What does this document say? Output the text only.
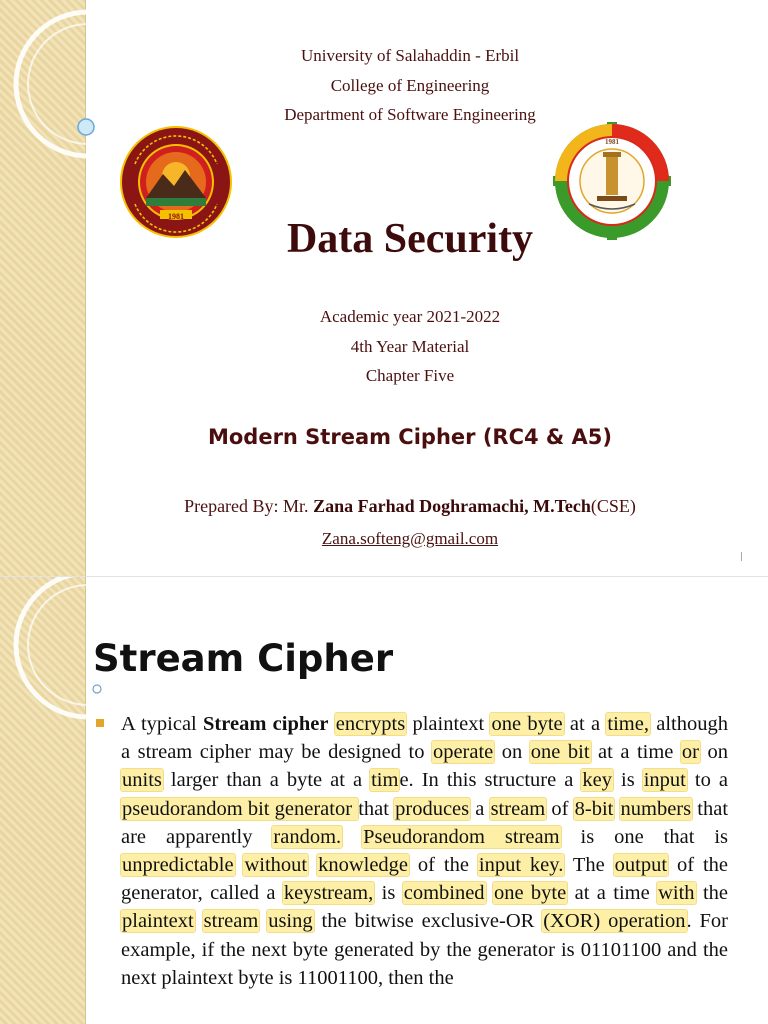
University of Salahaddin - Erbil
College of Engineering
Department of Software Engineering
1981
1981
Data Security
Academic year 2021-2022
4th Year Material
Chapter Five
Modern Stream Cipher (RC4 & A5)
Prepared By: Mr. Zana Farhad Doghramachi, M.Tech(CSE)
Zana.softeng@gmail.com
Stream Cipher
A typical Stream cipher encrypts plaintext one byte at a time, although a stream cipher may be designed to operate on one bit at a time or on units larger than a byte at a time. In this structure a key is input to a pseudorandom bit generator that produces a stream of 8-bit numbers that are apparently random. Pseudorandom stream is one that is unpredictable without knowledge of the input key. The output of the generator, called a keystream, is combined one byte at a time with the plaintext stream using the bitwise exclusive-OR (XOR) operation. For example, if the next byte generated by the generator is 01101100 and the next plaintext byte is 11001100, then the
